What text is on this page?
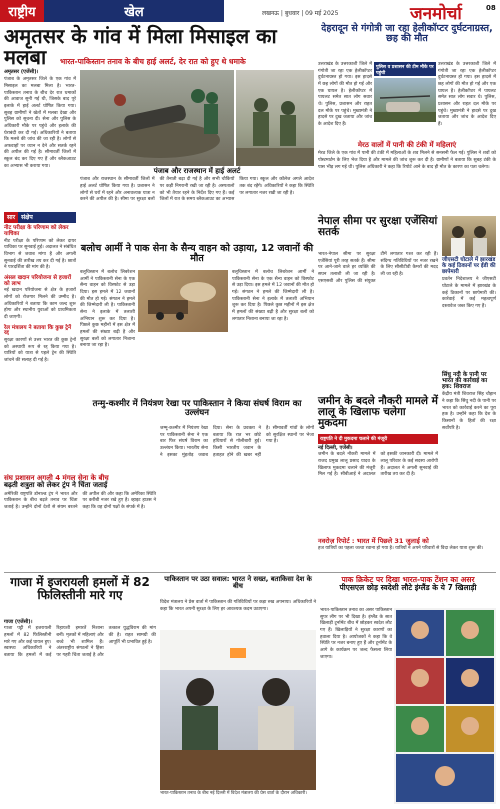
राष्ट्रीय	खेल	लखनऊ | बुधवार | 09 मई 2025	जनमोर्चा	08
अमृतसर के गांव में मिला मिसाइल का मलबा	भारत-पाकिस्तान तनाव के बीच हाई अलर्ट, देर रात को हुए थे धमाके
अमृतसर (एजेंसी)।
पंजाब के अमृतसर जिले के एक गांव में मिसाइल का मलबा मिला है। भारत-पाकिस्तान तनाव के बीच देर रात धमाकों की आवाज सुनी गई थी, जिसके बाद पूरे इलाके में हाई अलर्ट घोषित किया गया। सुबह ग्रामीणों ने खेतों में मलबा देखा और पुलिस को सूचना दी। सेना और पुलिस के अधिकारी मौके पर पहुंचे और इलाके की घेराबंदी कर दी गई। अधिकारियों ने बताया कि मलबे की जांच की जा रही है। लोगों से अफवाहों पर ध्यान न देने और सतर्क रहने की अपील की गई है। सीमावर्ती जिलों में स्कूल बंद कर दिए गए हैं और ब्लैकआउट का अभ्यास भी कराया गया।
पंजाब और राजस्थान में हाई अलर्ट
पंजाब और राजस्थान के सीमावर्ती जिलों में हाई अलर्ट घोषित किया गया है। प्रशासन ने लोगों से घरों में रहने और अनावश्यक यात्रा न करने की अपील की है। सीमा पर सुरक्षा बलों की तैनाती बढ़ा दी गई है और सभी चौकियों पर कड़ी निगरानी रखी जा रही है। अस्पतालों को भी तैयार रहने के निर्देश दिए गए हैं। कई जिलों में रात के समय ब्लैकआउट का अभ्यास किया गया। स्कूल और कॉलेज अगले आदेश तक बंद रहेंगे। अधिकारियों ने कहा कि स्थिति पर लगातार नजर रखी जा रही है।
सार	संक्षेप
नीट परीक्षा के परिणाम को लेकर याचिका
नीट परीक्षा के परिणाम को लेकर दायर याचिका पर सुनवाई हुई। अदालत ने संबंधित विभाग से जवाब मांगा है और अगली सुनवाई की तारीख तय कर दी गई है। छात्रों ने पारदर्शिता की मांग की है।
अंसल खदान परियोजना से हजारों को लाभ
नई खदान परियोजना से क्षेत्र के हजारों लोगों को रोजगार मिलने की उम्मीद है। अधिकारियों ने बताया कि काम जल्द शुरू होगा और स्थानीय युवाओं को प्राथमिकता दी जाएगी।
रेल मंत्रालय ने बताया कि कुछ ट्रेनें रद्द
सुरक्षा कारणों से उत्तर भारत की कुछ ट्रेनों को अस्थायी रूप से रद्द किया गया है। यात्रियों को यात्रा से पहले ट्रेन की स्थिति जांचने की सलाह दी गई है।
संघ प्रशासन अगली 4 मंगल सेना के बीच
बढ़ती शत्रुता को लेकर ट्रंप ने चिंता जताई
अमेरिकी राष्ट्रपति डोनाल्ड ट्रंप ने भारत और पाकिस्तान के बीच बढ़ते तनाव पर चिंता जताई है। उन्होंने दोनों देशों से संयम बरतने की अपील की और कहा कि अमेरिका स्थिति पर करीबी नजर रखे हुए है। व्हाइट हाउस ने कहा कि वह दोनों पक्षों के संपर्क में है।
बलोच आर्मी ने पाक सेना के सैन्य वाहन को उड़ाया, 12 जवानों की मौत
बलूचिस्तान में बलोच लिबरेशन आर्मी ने पाकिस्तानी सेना के एक सैन्य वाहन को विस्फोट से उड़ा दिया। इस हमले में 12 जवानों की मौत हो गई। संगठन ने हमले की जिम्मेदारी ली है। पाकिस्तानी सेना ने इलाके में तलाशी अभियान शुरू कर दिया है। पिछले कुछ महीनों में इस क्षेत्र में हमलों की संख्या बढ़ी है और सुरक्षा बलों को लगातार निशाना बनाया जा रहा है।
बलूचिस्तान में बलोच लिबरेशन आर्मी ने पाकिस्तानी सेना के एक सैन्य वाहन को विस्फोट से उड़ा दिया। इस हमले में 12 जवानों की मौत हो गई। संगठन ने हमले की जिम्मेदारी ली है। पाकिस्तानी सेना ने इलाके में तलाशी अभियान शुरू कर दिया है। पिछले कुछ महीनों में इस क्षेत्र में हमलों की संख्या बढ़ी है और सुरक्षा बलों को लगातार निशाना बनाया जा रहा है।
तन्मु-कश्मीर में नियंत्रण रेखा पर पाकिस्तान ने किया संघर्ष विराम का उल्लंघन
जम्मू-कश्मीर में नियंत्रण रेखा पर पाकिस्तानी सेना ने एक बार फिर संघर्ष विराम का उल्लंघन किया। भारतीय सेना ने इसका मुंहतोड़ जवाब दिया। सेना के प्रवक्ता ने बताया कि रात भर छोटे हथियारों से गोलीबारी हुई। किसी भारतीय जवान के हताहत होने की खबर नहीं है। सीमावर्ती गांवों के लोगों को सुरक्षित स्थानों पर भेजा गया है।
देहरादून से गंगोत्री जा रहा हेलीकॉप्टर दुर्घटनाग्रस्त, छह की मौत
पुलिस व प्रशासन की टीम मौके पर पहुंची
उत्तराखंड के उत्तरकाशी जिले में गंगोत्री जा रहा एक हेलीकॉप्टर दुर्घटनाग्रस्त हो गया। इस हादसे में छह लोगों की मौत हो गई और एक घायल है। हेलीकॉप्टर में पायलट समेत सात लोग सवार थे। पुलिस, प्रशासन और राहत दल मौके पर पहुंचे। मुख्यमंत्री ने हादसे पर दुख जताया और जांच के आदेश दिए हैं।
उत्तराखंड के उत्तरकाशी जिले में गंगोत्री जा रहा एक हेलीकॉप्टर दुर्घटनाग्रस्त हो गया। इस हादसे में छह लोगों की मौत हो गई और एक घायल है। हेलीकॉप्टर में पायलट समेत सात लोग सवार थे। पुलिस, प्रशासन और राहत दल मौके पर पहुंचे। मुख्यमंत्री ने हादसे पर दुख जताया और जांच के आदेश दिए हैं।
मेरठ वालों में पानी की टंकी में महिलाएं
मेरठ जिले के एक गांव में पानी की टंकी में महिलाओं के शव मिलने से सनसनी फैल गई। पुलिस ने शवों को पोस्टमार्टम के लिए भेज दिया है और मामले की जांच शुरू कर दी है। ग्रामीणों ने बताया कि सुबह टंकी के पास भीड़ लग गई थी। पुलिस अधिकारी ने कहा कि रिपोर्ट आने के बाद ही मौत के कारण का पता चलेगा।
नेपाल सीमा पर सुरक्षा एजेंसियां सतर्क
भारत-नेपाल सीमा पर सुरक्षा एजेंसियां पूरी तरह सतर्क हैं। सीमा पर आने-जाने वाले हर व्यक्ति की सघन तलाशी ली जा रही है। एसएसबी और पुलिस की संयुक्त टीमें लगातार गश्त कर रही हैं। संदिग्ध गतिविधियों पर नजर रखने के लिए सीसीटीवी कैमरों की मदद ली जा रही है।
जीएसटी घोटाले में झारखंड के कई ठिकानों पर ईडी की छापेमारी
प्रवर्तन निदेशालय ने जीएसटी घोटाले के मामले में झारखंड के कई ठिकानों पर छापेमारी की। कार्रवाई में कई महत्वपूर्ण दस्तावेज जब्त किए गए हैं।
सिंधु नदी के पानी पर भारत की कार्रवाई का हक: शिवराज
केंद्रीय मंत्री शिवराज सिंह चौहान ने कहा कि सिंधु नदी के पानी पर भारत को कार्रवाई करने का पूरा हक है। उन्होंने कहा कि देश के किसानों के हितों की रक्षा सर्वोपरि है।
जमीन के बदले नौकरी मामले में लालू के खिलाफ चलेगा मुकदमा
राष्ट्रपति ने दी मुकदमा चलाने की मंजूरी
नई दिल्ली, एजेंसी।
जमीन के बदले नौकरी मामले में राजद प्रमुख लालू प्रसाद यादव के खिलाफ मुकदमा चलाने की मंजूरी मिल गई है। सीबीआई ने अदालत को इसकी जानकारी दी। मामले में लालू परिवार के कई सदस्य आरोपी हैं। अदालत ने अगली सुनवाई की तारीख तय कर दी है।
नवरोज़ रिपोर्ट : भारत में पिछले 31 जुलाई को
हज यात्रियों का पहला जत्था रवाना हो गया है। यात्रियों ने अपने परिवारों से विदा लेकर यात्रा शुरू की।
गाजा में इजरायली हमलों में 82 फिलिस्तीनी मारे गए
गाजा (एजेंसी)।
गाजा पट्टी में इजरायली हमलों में 82 फिलिस्तीनी मारे गए और कई घायल हुए। स्वास्थ्य अधिकारियों ने बताया कि हमलों में कई रिहायशी इमारतें निशाना बनीं। मृतकों में महिलाएं और बच्चे भी शामिल हैं। अंतरराष्ट्रीय संगठनों ने हिंसा पर गहरी चिंता जताई है और तत्काल युद्धविराम की मांग की है। राहत सामग्री की आपूर्ति भी प्रभावित हुई है।
पाकिस्तान पर उठा सवाल: भारत ने सख्त, बताकिसा देश के बीच
विदेश मंत्रालय ने प्रेस वार्ता में पाकिस्तान की गतिविधियों पर कड़ा रुख अपनाया। अधिकारियों ने कहा कि भारत अपनी सुरक्षा के लिए हर आवश्यक कदम उठाएगा।
भारत-पाकिस्तान तनाव के बीच नई दिल्ली में विदेश मंत्रालय की प्रेस वार्ता के दौरान अधिकारी।
पाक क्रिकेट पर दिखा भारत-पाक टेंशन का असर
पीएसएल छोड़ स्वदेशी लौटे इंग्लैंड के ये 7 खिलाड़ी
भारत-पाकिस्तान तनाव का असर पाकिस्तान सुपर लीग पर भी दिखा है। इंग्लैंड के सात खिलाड़ी टूर्नामेंट बीच में छोड़कर स्वदेश लौट गए हैं। खिलाड़ियों ने सुरक्षा कारणों का हवाला दिया है। आयोजकों ने कहा कि वे स्थिति पर नजर बनाए हुए हैं और टूर्नामेंट के आगे के कार्यक्रम पर जल्द फैसला लिया जाएगा।
